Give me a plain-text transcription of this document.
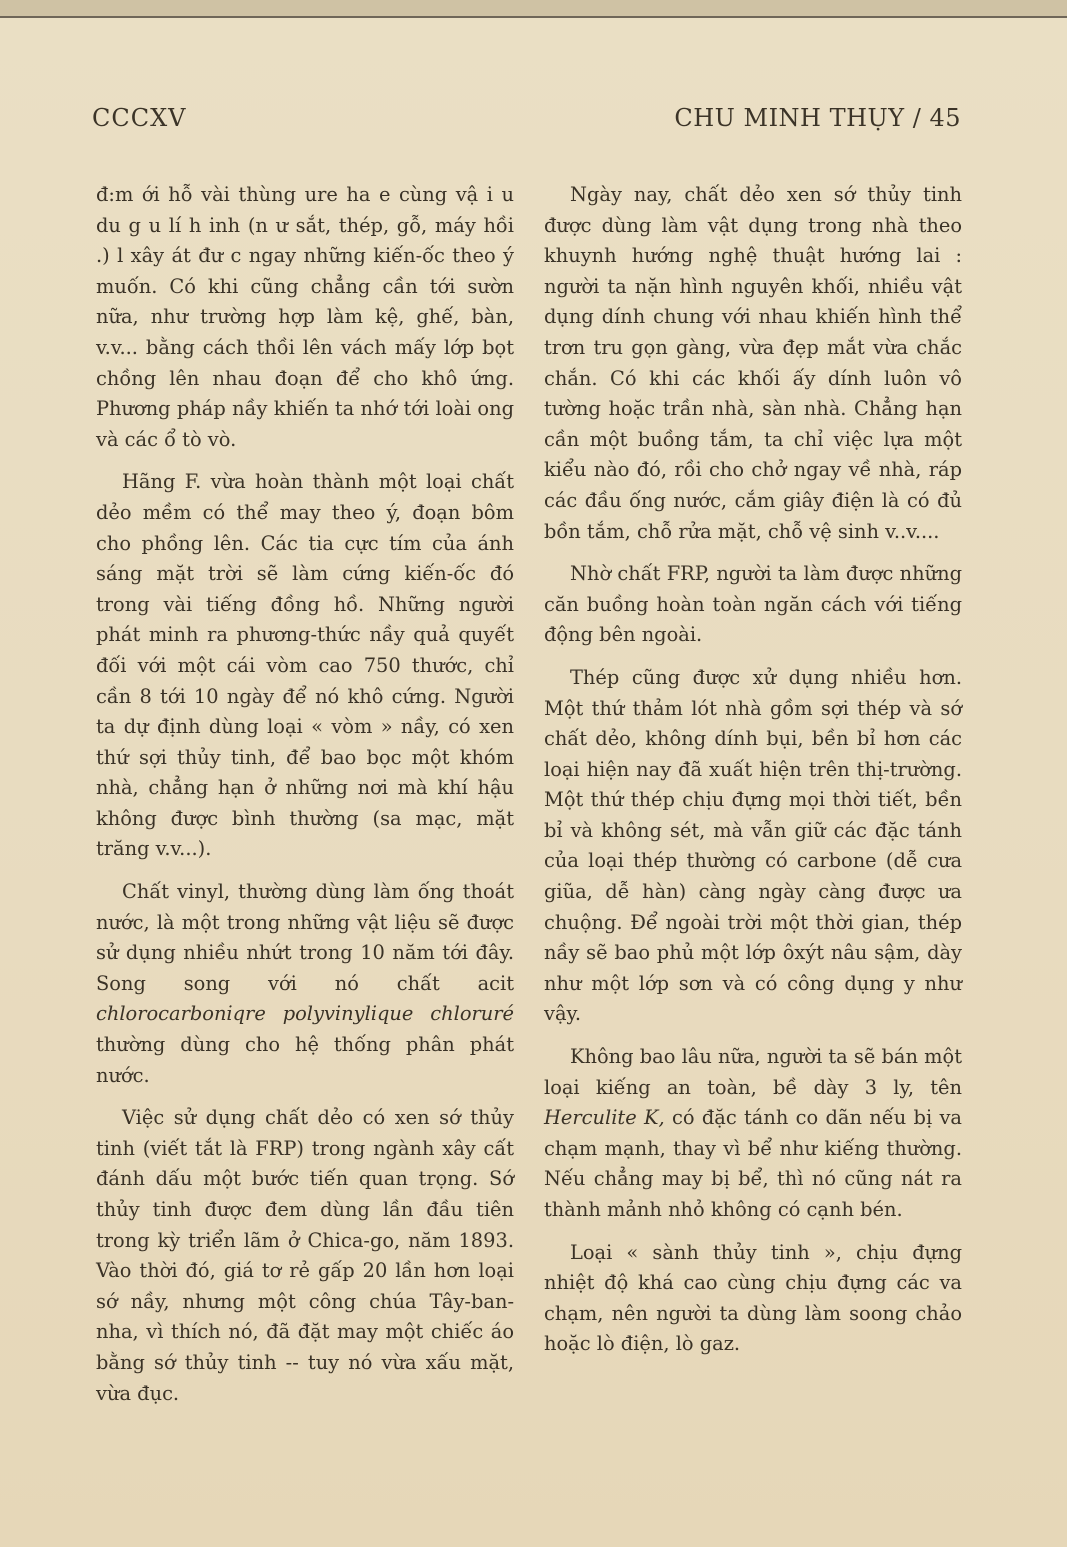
CCCXV	CHU MINH THỤY / 45

đ:m ới hỗ vài thùng ure ha e cùng vậ i u du g u lí h inh (n ư sắt, thép, gỗ, máy hồi .) l xây át đư c ngay những kiến-ốc theo ý muốn. Có khi cũng chẳng cần tới sườn nữa, như trường hợp làm kệ, ghế, bàn, v.v... bằng cách thồi lên vách mấy lớp bọt chồng lên nhau đoạn để cho khô ứng. Phương pháp nầy khiến ta nhớ tới loài ong và các ổ tò vò.

Hãng F. vừa hoàn thành một loại chất dẻo mềm có thể may theo ý, đoạn bôm cho phồng lên. Các tia cực tím của ánh sáng mặt trời sẽ làm cứng kiến-ốc đó trong vài tiếng đồng hồ. Những người phát minh ra phương-thức nầy quả quyết đối với một cái vòm cao 750 thước, chỉ cần 8 tới 10 ngày để nó khô cứng. Người ta dự định dùng loại « vòm » nầy, có xen thứ sợi thủy tinh, để bao bọc một khóm nhà, chẳng hạn ở những nơi mà khí hậu không được bình thường (sa mạc, mặt trăng v.v...).

Chất vinyl, thường dùng làm ống thoát nước, là một trong những vật liệu sẽ được sử dụng nhiều nhứt trong 10 năm tới đây. Song song với nó chất acit chlorocarboniqre polyvinylique chloruré thường dùng cho hệ thống phân phát nước.

Việc sử dụng chất dẻo có xen sớ thủy tinh (viết tắt là FRP) trong ngành xây cất đánh dấu một bước tiến quan trọng. Sớ thủy tinh được đem dùng lần đầu tiên trong kỳ triển lãm ở Chica-go, năm 1893. Vào thời đó, giá tơ rẻ gấp 20 lần hơn loại sớ nầy, nhưng một công chúa Tây-ban-nha, vì thích nó, đã đặt may một chiếc áo bằng sớ thủy tinh -- tuy nó vừa xấu mặt, vừa đục.

Ngày nay, chất dẻo xen sớ thủy tinh được dùng làm vật dụng trong nhà theo khuynh hướng nghệ thuật hướng lai : người ta nặn hình nguyên khối, nhiều vật dụng dính chung với nhau khiến hình thể trơn tru gọn gàng, vừa đẹp mắt vừa chắc chắn. Có khi các khối ấy dính luôn vô tường hoặc trần nhà, sàn nhà. Chẳng hạn cần một buồng tắm, ta chỉ việc lựa một kiểu nào đó, rồi cho chở ngay về nhà, ráp các đầu ống nước, cắm giây điện là có đủ bồn tắm, chỗ rửa mặt, chỗ vệ sinh v..v....

Nhờ chất FRP, người ta làm được những căn buồng hoàn toàn ngăn cách với tiếng động bên ngoài.

Thép cũng được xử dụng nhiều hơn. Một thứ thảm lót nhà gồm sợi thép và sớ chất dẻo, không dính bụi, bền bỉ hơn các loại hiện nay đã xuất hiện trên thị-trường. Một thứ thép chịu đựng mọi thời tiết, bền bỉ và không sét, mà vẫn giữ các đặc tánh của loại thép thường có carbone (dễ cưa giũa, dễ hàn) càng ngày càng được ưa chuộng. Để ngoài trời một thời gian, thép nầy sẽ bao phủ một lớp ôxýt nâu sậm, dày như một lớp sơn và có công dụng y như vậy.

Không bao lâu nữa, người ta sẽ bán một loại kiếng an toàn, bề dày 3 ly, tên Herculite K, có đặc tánh co dãn nếu bị va chạm mạnh, thay vì bể như kiếng thường. Nếu chẳng may bị bể, thì nó cũng nát ra thành mảnh nhỏ không có cạnh bén.

Loại « sành thủy tinh », chịu đựng nhiệt độ khá cao cùng chịu đựng các va chạm, nên người ta dùng làm soong chảo hoặc lò điện, lò gaz.
